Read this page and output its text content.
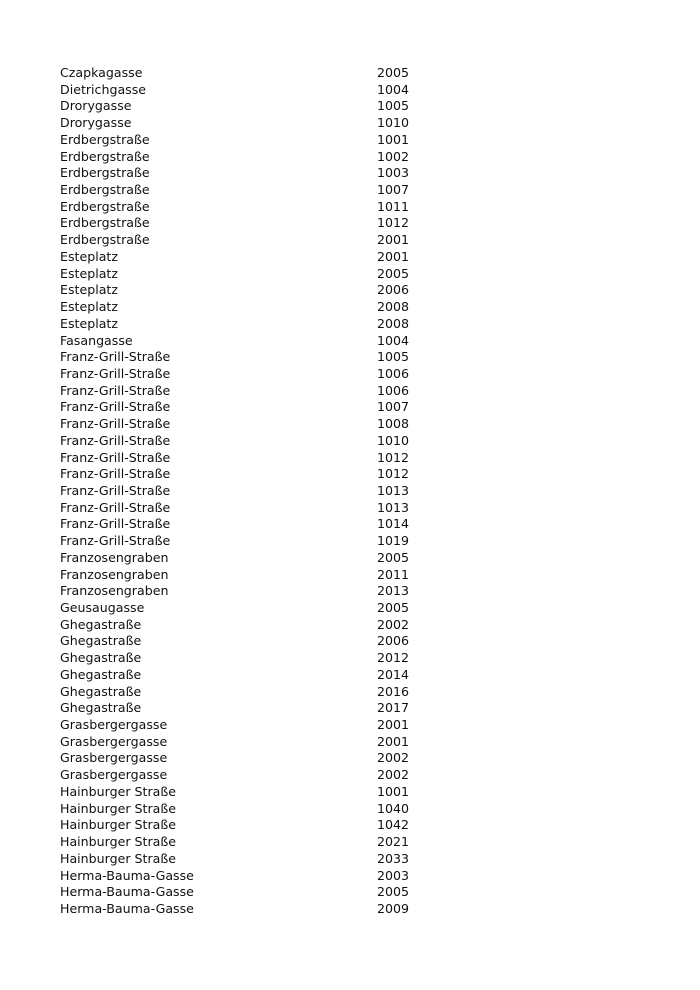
Czapkagasse	2005
Dietrichgasse	1004
Drorygasse	1005
Drorygasse	1010
Erdbergstraße	1001
Erdbergstraße	1002
Erdbergstraße	1003
Erdbergstraße	1007
Erdbergstraße	1011
Erdbergstraße	1012
Erdbergstraße	2001
Esteplatz	2001
Esteplatz	2005
Esteplatz	2006
Esteplatz	2008
Esteplatz	2008
Fasangasse	1004
Franz-Grill-Straße	1005
Franz-Grill-Straße	1006
Franz-Grill-Straße	1006
Franz-Grill-Straße	1007
Franz-Grill-Straße	1008
Franz-Grill-Straße	1010
Franz-Grill-Straße	1012
Franz-Grill-Straße	1012
Franz-Grill-Straße	1013
Franz-Grill-Straße	1013
Franz-Grill-Straße	1014
Franz-Grill-Straße	1019
Franzosengraben	2005
Franzosengraben	2011
Franzosengraben	2013
Geusaugasse	2005
Ghegastraße	2002
Ghegastraße	2006
Ghegastraße	2012
Ghegastraße	2014
Ghegastraße	2016
Ghegastraße	2017
Grasbergergasse	2001
Grasbergergasse	2001
Grasbergergasse	2002
Grasbergergasse	2002
Hainburger Straße	1001
Hainburger Straße	1040
Hainburger Straße	1042
Hainburger Straße	2021
Hainburger Straße	2033
Herma-Bauma-Gasse	2003
Herma-Bauma-Gasse	2005
Herma-Bauma-Gasse	2009
